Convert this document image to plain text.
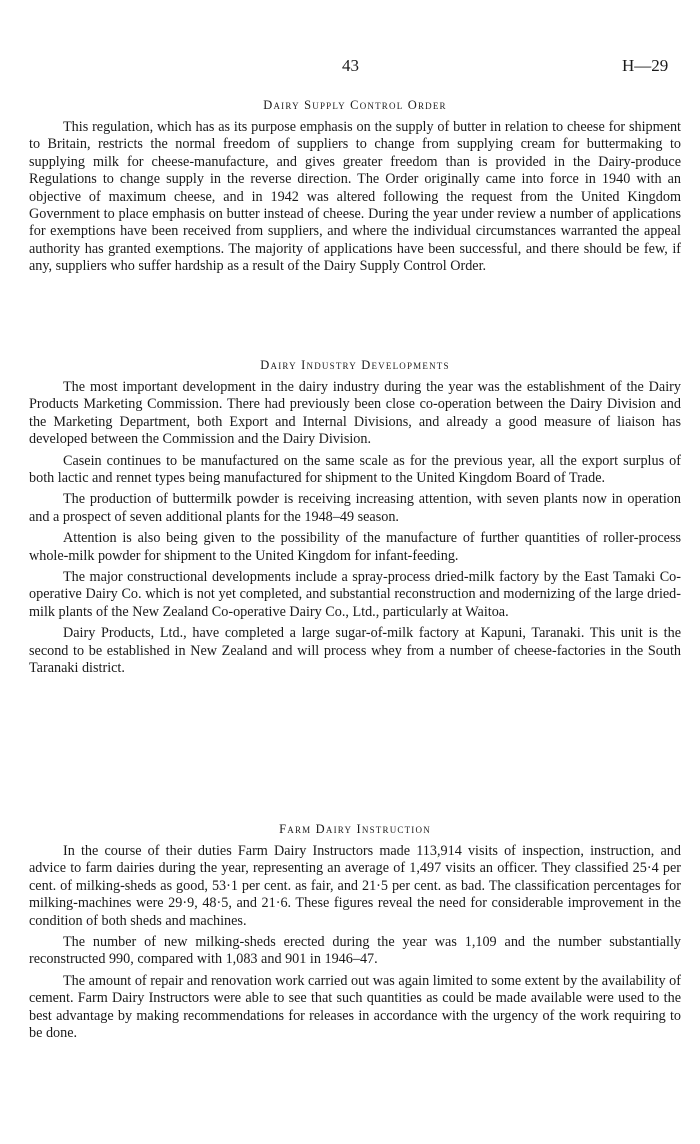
43	H—29
Dairy Supply Control Order

This regulation, which has as its purpose emphasis on the supply of butter in relation to cheese for shipment to Britain, restricts the normal freedom of suppliers to change from supplying cream for buttermaking to supplying milk for cheese-manufacture, and gives greater freedom than is provided in the Dairy-produce Regulations to change supply in the reverse direction. The Order originally came into force in 1940 with an objective of maximum cheese, and in 1942 was altered following the request from the United Kingdom Government to place emphasis on butter instead of cheese. During the year under review a number of applications for exemptions have been received from suppliers, and where the individual circumstances warranted the appeal authority has granted exemptions. The majority of applications have been successful, and there should be few, if any, suppliers who suffer hardship as a result of the Dairy Supply Control Order.

Dairy Industry Developments

The most important development in the dairy industry during the year was the establishment of the Dairy Products Marketing Commission. There had previously been close co-operation between the Dairy Division and the Marketing Department, both Export and Internal Divisions, and already a good measure of liaison has developed between the Commission and the Dairy Division.

Casein continues to be manufactured on the same scale as for the previous year, all the export surplus of both lactic and rennet types being manufactured for shipment to the United Kingdom Board of Trade.

The production of buttermilk powder is receiving increasing attention, with seven plants now in operation and a prospect of seven additional plants for the 1948–49 season.

Attention is also being given to the possibility of the manufacture of further quantities of roller-process whole-milk powder for shipment to the United Kingdom for infant-feeding.

The major constructional developments include a spray-process dried-milk factory by the East Tamaki Co-operative Dairy Co. which is not yet completed, and substantial reconstruction and modernizing of the large dried-milk plants of the New Zealand Co-operative Dairy Co., Ltd., particularly at Waitoa.

Dairy Products, Ltd., have completed a large sugar-of-milk factory at Kapuni, Taranaki. This unit is the second to be established in New Zealand and will process whey from a number of cheese-factories in the South Taranaki district.

Farm Dairy Instruction

In the course of their duties Farm Dairy Instructors made 113,914 visits of inspection, instruction, and advice to farm dairies during the year, representing an average of 1,497 visits an officer. They classified 25·4 per cent. of milking-sheds as good, 53·1 per cent. as fair, and 21·5 per cent. as bad. The classification percentages for milking-machines were 29·9, 48·5, and 21·6. These figures reveal the need for considerable improvement in the condition of both sheds and machines.

The number of new milking-sheds erected during the year was 1,109 and the number substantially reconstructed 990, compared with 1,083 and 901 in 1946–47.

The amount of repair and renovation work carried out was again limited to some extent by the availability of cement. Farm Dairy Instructors were able to see that such quantities as could be made available were used to the best advantage by making recommendations for releases in accordance with the urgency of the work requiring to be done.
